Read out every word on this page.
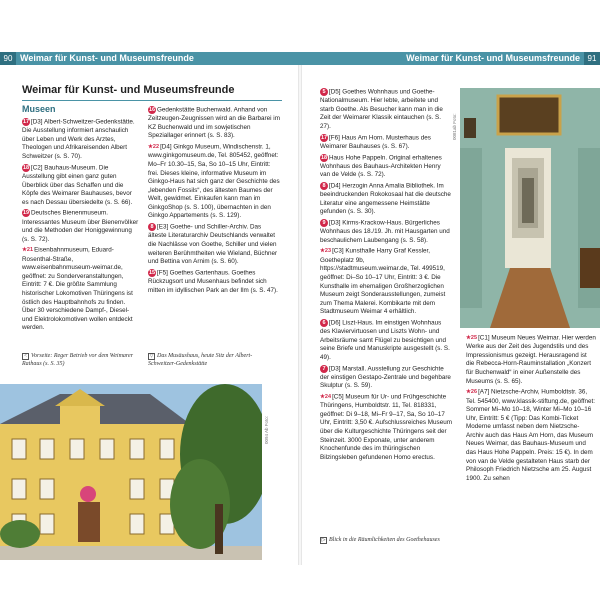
90 Weimar für Kunst- und Museumsfreunde	Weimar für Kunst- und Museumsfreunde 91
Weimar für Kunst- und Museumsfreunde
Museen

17 [D3] Albert-Schweitzer-Gedenkstätte. Die Ausstellung informiert anschaulich über Leben und Werk des Arztes, Theologen und Afrikareisenden Albert Schweitzer (s. S. 70).

18 [C2] Bauhaus-Museum. Die Ausstellung gibt einen ganz guten Überblick über das Schaffen und die Köpfe des Weimarer Bauhauses, bevor es nach Dessau übersiedelte (s. S. 66).

19 Deutsches Bienenmuseum. Interessantes Museum über Bienenvölker und die Methoden der Honiggewinnung (s. S. 72).

★21Eisenbahnmuseum, Eduard-Rosenthal-Straße, www.eisenbahnmuseum-weimar.de, geöffnet: zu Sonderveranstaltungen, Eintritt: 7 €. Die größte Sammlung historischer Lokomotiven Thüringens ist östlich des Hauptbahnhofs zu finden. Über 30 verschiedene Dampf-, Diesel- und Elektrolokomotiven wollen entdeckt werden.

16 Gedenkstätte Buchenwald. Anhand von Zeitzeugen-Zeugnissen wird an die Barbarei im KZ Buchenwald und im sowjetischen Speziallager erinnert (s. S. 83).

★22[D4] Ginkgo Museum, Windischenstr. 1, www.ginkgomuseum.de, Tel. 805452, geöffnet: Mo–Fr 10.30–15, Sa, So 10–15 Uhr, Eintritt: frei. Dieses kleine, informative Museum im Ginkgo-Haus hat sich ganz der Geschichte des „lebenden Fossils“, des ältesten Baumes der Welt, gewidmet. Einkaufen kann man im GinkgoShop (s. S. 100), übernachten in den Ginkgo Appartements (s. S. 129).

8 [E3] Goethe- und Schiller-Archiv. Das älteste Literaturarchiv Deutschlands verwaltet die Nachlässe von Goethe, Schiller und vielen weiteren Berühmtheiten wie Wieland, Büchner und Bettina von Arnim (s. S. 60).

15 [F5] Goethes Gartenhaus. Goethes Rückzugsort und Musenhaus befindet sich mitten im idyllischen Park an der Ilm (s. S. 47).

< Vorseite: Reger Betrieb vor dem Weimarer Rathaus (s. S. 35)
▽ Das Musäushaus, heute Sitz der Albert-Schweitzer-Gedenkstätte
0094 Ab Foto:

5 [D5] Goethes Wohnhaus und Goethe-Nationalmuseum. Hier lebte, arbeitete und starb Goethe. Als Besucher kann man in die Zeit der Weimarer Klassik eintauchen (s. S. 27).

17 [F6] Haus Am Horn. Musterhaus des Weimarer Bauhauses (s. S. 67).

18 Haus Hohe Pappeln. Original erhaltenes Wohnhaus des Bauhaus-Architekten Henry van de Velde (s. S. 72).

8 [D4] Herzogin Anna Amalia Bibliothek. Im beeindruckenden Rokokosaal hat die deutsche Literatur eine angemessene Heimstätte gefunden (s. S. 30).

9 [D3] Kirms-Krackow-Haus. Bürgerliches Wohnhaus des 18./19. Jh. mit Hausgarten und beschaulichem Laubengang (s. S. 58).

★23[C3] Kunsthalle Harry Graf Kessler, Goetheplatz 9b, https://stadtmuseum.weimar.de, Tel. 499519, geöffnet: Di–So 10–17 Uhr, Eintritt: 3 €. Die Kunsthalle im ehemaligen Großherzoglichen Museum zeigt Sonderausstellungen, zumeist zum Thema Malerei. Kombikarte mit dem Stadtmuseum Weimar 4 erhältlich.

6 [D6] Liszt-Haus. Im einstigen Wohnhaus des Klaviervirtuosen und Liszts Wohn- und Arbeitsräume samt Flügel zu besichtigen und seine Briefe und Manuskripte ausgestellt (s. S. 49).

7 [D3] Marstall. Ausstellung zur Geschichte der einstigen Gestapo-Zentrale und begehbare Skulptur (s. S. 59).

★24[C5] Museum für Ur- und Frühgeschichte Thüringens, Humboldtstr. 11, Tel. 818331, geöffnet: Di 9–18, Mi–Fr 9–17, Sa, So 10–17 Uhr, Eintritt: 3,50 €. Aufschlussreiches Museum über die Kulturgeschichte Thüringens seit der Steinzeit. 3000 Exponate, unter anderem Knochenfunde des im thüringischen Bilzingsleben gefundenen Homo erectus.

0081ab Foto:
▷ Blick in die Räumlichkeiten des Goethehauses

★25[C1] Museum Neues Weimar. Hier werden Werke aus der Zeit des Jugendstils und des Impressionismus gezeigt. Herausragend ist die Rebecca-Horn-Rauminstallation „Konzert für Buchenwald“ in einer Außenstelle des Museums (s. S. 65).

★26[A7] Nietzsche-Archiv, Humboldtstr. 36, Tel. 545400, www.klassik-stiftung.de, geöffnet: Sommer Mi–Mo 10–18, Winter Mi–Mo 10–16 Uhr, Eintritt: 5 € (Tipp: Das Kombi-Ticket Moderne umfasst neben dem Nietzsche-Archiv auch das Haus Am Horn, das Museum Neues Weimar, das Bauhaus-Museum und das Haus Hohe Pappeln. Preis: 15 €). In dem von van de Velde gestalteten Haus starb der Philosoph Friedrich Nietzsche am 25. August 1900. Zu sehen
